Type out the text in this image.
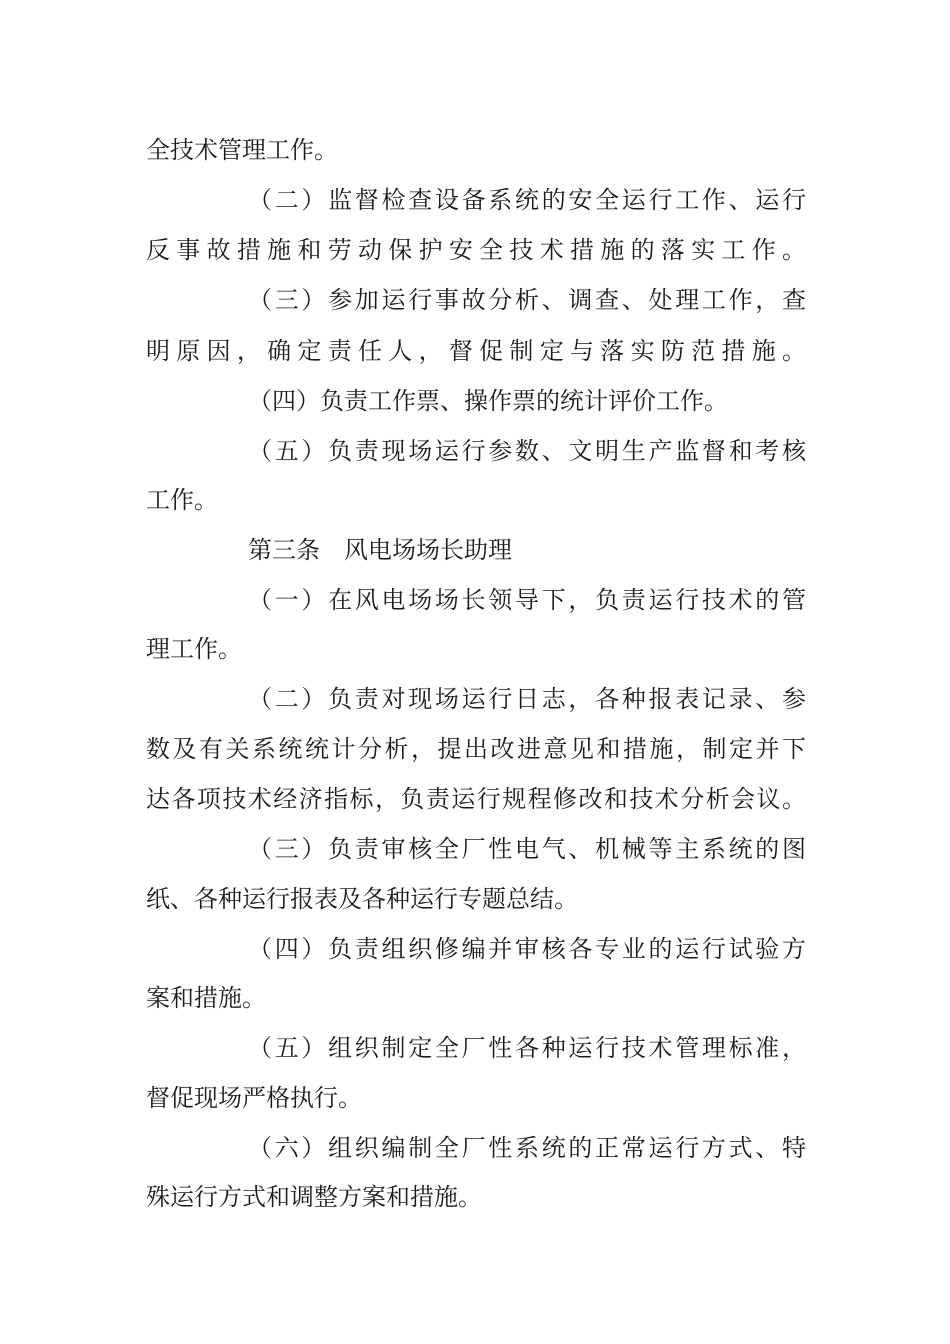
全技术管理工作。
（二）监督检查设备系统的安全运行工作、运行
反事故措施和劳动保护安全技术措施的落实工作。
（三）参加运行事故分析、调查、处理工作，查
明原因，确定责任人，督促制定与落实防范措施。
（四）负责工作票、操作票的统计评价工作。
（五）负责现场运行参数、文明生产监督和考核
工作。
第三条　风电场场长助理
（一）在风电场场长领导下，负责运行技术的管
理工作。
（二）负责对现场运行日志，各种报表记录、参
数及有关系统统计分析，提出改进意见和措施，制定并下
达各项技术经济指标，负责运行规程修改和技术分析会议。
（三）负责审核全厂性电气、机械等主系统的图
纸、各种运行报表及各种运行专题总结。
（四）负责组织修编并审核各专业的运行试验方
案和措施。
（五）组织制定全厂性各种运行技术管理标准，
督促现场严格执行。
（六）组织编制全厂性系统的正常运行方式、特
殊运行方式和调整方案和措施。
